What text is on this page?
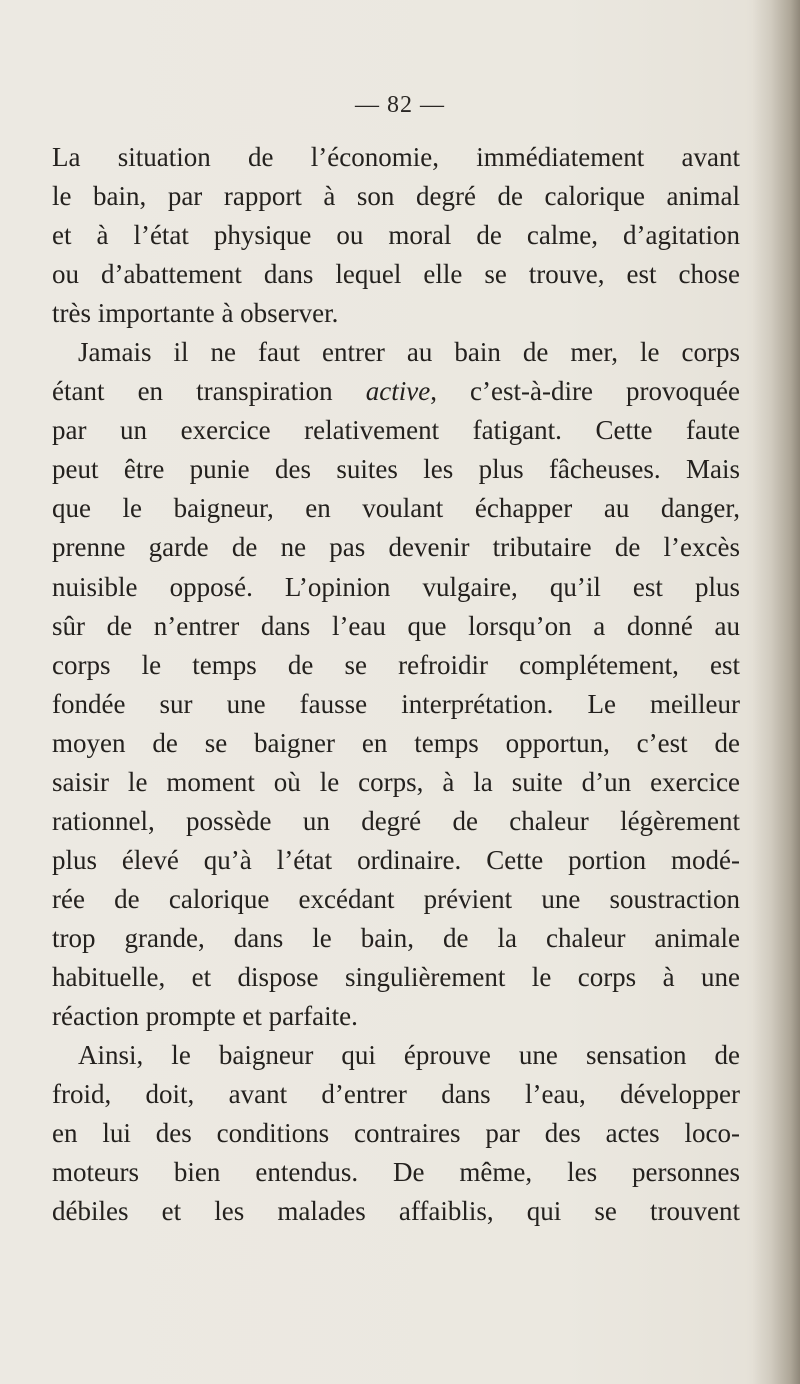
— 82 —
La situation de l’économie, immédiatement avant
le bain, par rapport à son degré de calorique animal
et à l’état physique ou moral de calme, d’agitation
ou d’abattement dans lequel elle se trouve, est chose
très importante à observer.
Jamais il ne faut entrer au bain de mer, le corps
étant en transpiration active, c’est-à-dire provoquée
par un exercice relativement fatigant. Cette faute
peut être punie des suites les plus fâcheuses. Mais
que le baigneur, en voulant échapper au danger,
prenne garde de ne pas devenir tributaire de l’excès
nuisible opposé. L’opinion vulgaire, qu’il est plus
sûr de n’entrer dans l’eau que lorsqu’on a donné au
corps le temps de se refroidir complétement, est
fondée sur une fausse interprétation. Le meilleur
moyen de se baigner en temps opportun, c’est de
saisir le moment où le corps, à la suite d’un exercice
rationnel, possède un degré de chaleur légèrement
plus élevé qu’à l’état ordinaire. Cette portion modé-
rée de calorique excédant prévient une soustraction
trop grande, dans le bain, de la chaleur animale
habituelle, et dispose singulièrement le corps à une
réaction prompte et parfaite.
Ainsi, le baigneur qui éprouve une sensation de
froid, doit, avant d’entrer dans l’eau, développer
en lui des conditions contraires par des actes loco-
moteurs bien entendus. De même, les personnes
débiles et les malades affaiblis, qui se trouvent
